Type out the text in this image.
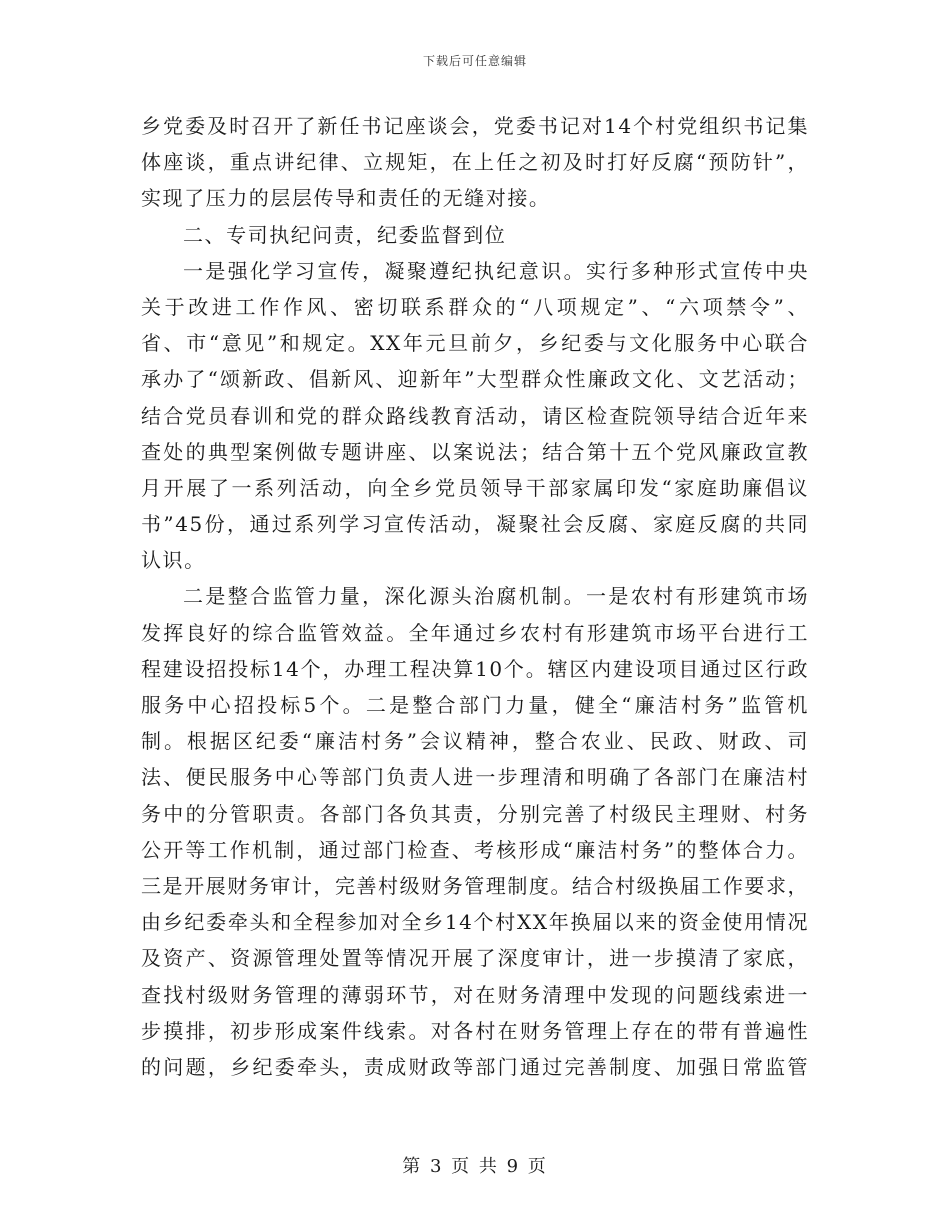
下载后可任意编辑
乡党委及时召开了新任书记座谈会，党委书记对14个村党组织书记集
体座谈，重点讲纪律、立规矩，在上任之初及时打好反腐“预防针”，
实现了压力的层层传导和责任的无缝对接。
二、专司执纪问责，纪委监督到位
一是强化学习宣传，凝聚遵纪执纪意识。实行多种形式宣传中央
关于改进工作作风、密切联系群众的“八项规定”、“六项禁令”、
省、市“意见”和规定。XX年元旦前夕，乡纪委与文化服务中心联合
承办了“颂新政、倡新风、迎新年”大型群众性廉政文化、文艺活动；
结合党员春训和党的群众路线教育活动，请区检查院领导结合近年来
查处的典型案例做专题讲座、以案说法；结合第十五个党风廉政宣教
月开展了一系列活动，向全乡党员领导干部家属印发“家庭助廉倡议
书”45份，通过系列学习宣传活动，凝聚社会反腐、家庭反腐的共同
认识。
二是整合监管力量，深化源头治腐机制。一是农村有形建筑市场
发挥良好的综合监管效益。全年通过乡农村有形建筑市场平台进行工
程建设招投标14个，办理工程决算10个。辖区内建设项目通过区行政
服务中心招投标5个。二是整合部门力量，健全“廉洁村务”监管机
制。根据区纪委“廉洁村务”会议精神，整合农业、民政、财政、司
法、便民服务中心等部门负责人进一步理清和明确了各部门在廉洁村
务中的分管职责。各部门各负其责，分别完善了村级民主理财、村务
公开等工作机制，通过部门检查、考核形成“廉洁村务”的整体合力。
三是开展财务审计，完善村级财务管理制度。结合村级换届工作要求，
由乡纪委牵头和全程参加对全乡14个村XX年换届以来的资金使用情况
及资产、资源管理处置等情况开展了深度审计，进一步摸清了家底，
查找村级财务管理的薄弱环节，对在财务清理中发现的问题线索进一
步摸排，初步形成案件线索。对各村在财务管理上存在的带有普遍性
的问题，乡纪委牵头，责成财政等部门通过完善制度、加强日常监管
第 3 页 共 9 页
